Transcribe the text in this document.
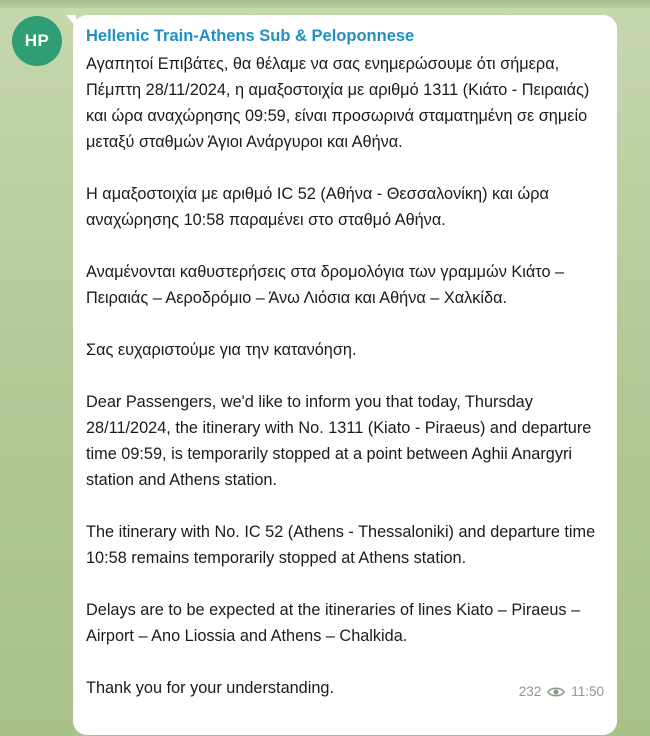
HP	Hellenic Train-Athens Sub & Peloponnese

Αγαπητοί Επιβάτες, θα θέλαμε να σας ενημερώσουμε ότι σήμερα, Πέμπτη 28/11/2024, η αμαξοστοιχία με αριθμό 1311 (Κιάτο - Πειραιάς) και ώρα αναχώρησης 09:59, είναι προσωρινά σταματημένη σε σημείο μεταξύ σταθμών Άγιοι Ανάργυροι και Αθήνα.

Η αμαξοστοιχία με αριθμό IC 52 (Αθήνα - Θεσσαλονίκη) και ώρα αναχώρησης 10:58 παραμένει στο σταθμό Αθήνα.

Αναμένονται καθυστερήσεις στα δρομολόγια των γραμμών Κιάτο – Πειραιάς – Αεροδρόμιο – Άνω Λιόσια και Αθήνα – Χαλκίδα.

Σας ευχαριστούμε για την κατανόηση.

Dear Passengers, we'd like to inform you that today, Thursday 28/11/2024, the itinerary with No. 1311 (Kiato - Piraeus) and departure time 09:59, is temporarily stopped at a point between Aghii Anargyri station and Athens station.

The itinerary with No. IC 52 (Athens - Thessaloniki) and departure time 10:58 remains temporarily stopped at Athens station.

Delays are to be expected at the itineraries of lines Kiato – Piraeus – Airport – Ano Liossia and Athens – Chalkida.

Thank you for your understanding.	232 11:50
